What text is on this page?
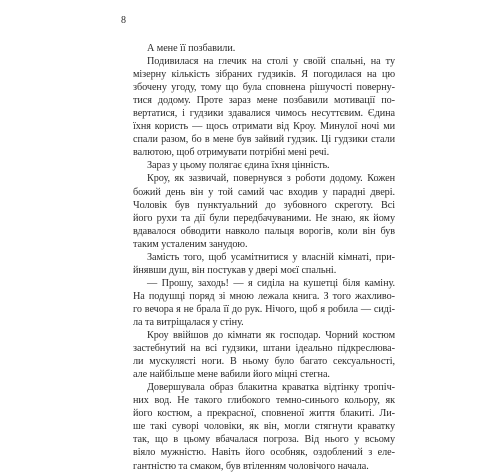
8

А мене її позбавили.

Подивилася на глечик на столі у своїй спальні, на ту
мізерну кількість зібраних гудзиків. Я погодилася на цю
збочену угоду, тому що була сповнена рішучості поверну-
тися додому. Проте зараз мене позбавили мотивації по-
вертатися, і гудзики здавалися чимось несуттєвим. Єдина
їхня користь — щось отримати від Кроу. Минулої ночі ми
спали разом, бо в мене був зайвий гудзик. Ці гудзики стали
валютою, щоб отримувати потрібні мені речі.

Зараз у цьому полягає єдина їхня цінність.

Кроу, як зазвичай, повернувся з роботи додому. Кожен
божий день він у той самий час входив у парадні двері.
Чоловік був пунктуальний до зубовного скреготу. Всі
його рухи та дії були передбачуваними. Не знаю, як йому
вдавалося обводити навколо пальця ворогів, коли він був
таким усталеним занудою.

Замість того, щоб усамітнитися у власній кімнаті, при-
йнявши душ, він постукав у двері моєї спальні.

— Прошу, заходь! — я сиділа на кушетці біля каміну.
На подушці поряд зі мною лежала книга. З того жахливо-
го вечора я не брала її до рук. Нічого, щоб я робила — сиді-
ла та витріщалася у стіну.

Кроу ввійшов до кімнати як господар. Чорний костюм
застебнутий на всі гудзики, штани ідеально підкреслюва-
ли мускулясті ноги. В ньому було багато сексуальності,
але найбільше мене вабили його міцні стегна.

Довершувала образ блакитна краватка відтінку тропіч-
них вод. Не такого глибокого темно-синього кольору, як
його костюм, а прекрасної, сповненої життя блакиті. Ли-
ше такі суворі чоловіки, як він, могли стягнути краватку
так, що в цьому вбачалася погроза. Від нього у всьому
віяло мужністю. Навіть його особняк, оздоблений з еле-
гантністю та смаком, був втіленням чоловічого начала.
